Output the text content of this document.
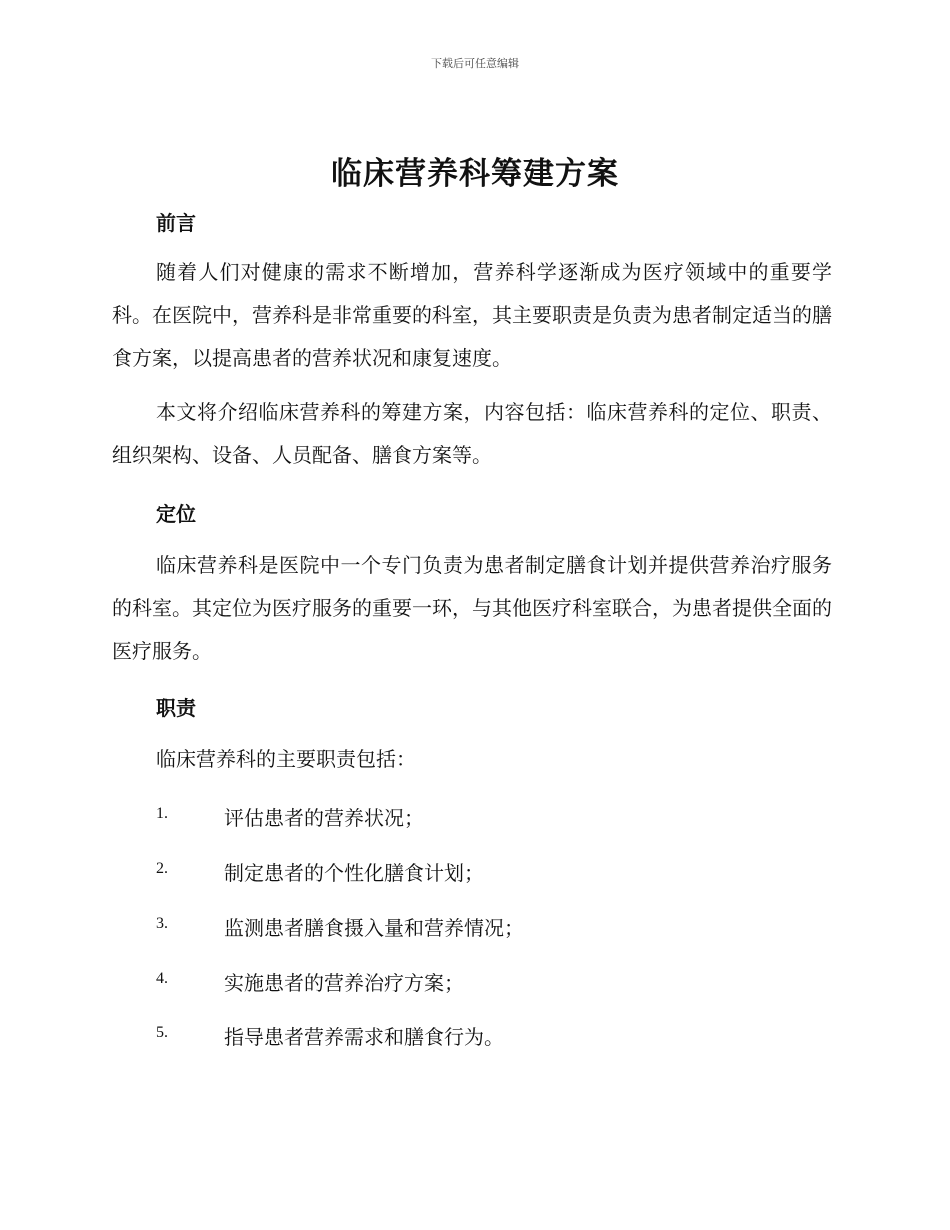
下载后可任意编辑
临床营养科筹建方案
前言

随着人们对健康的需求不断增加，营养科学逐渐成为医疗领域中的重要学科。在医院中，营养科是非常重要的科室，其主要职责是负责为患者制定适当的膳食方案，以提高患者的营养状况和康复速度。

本文将介绍临床营养科的筹建方案，内容包括：临床营养科的定位、职责、组织架构、设备、人员配备、膳食方案等。

定位

临床营养科是医院中一个专门负责为患者制定膳食计划并提供营养治疗服务的科室。其定位为医疗服务的重要一环，与其他医疗科室联合，为患者提供全面的医疗服务。

职责

临床营养科的主要职责包括：

1.	评估患者的营养状况；
2.	制定患者的个性化膳食计划；
3.	监测患者膳食摄入量和营养情况；
4.	实施患者的营养治疗方案；
5.	指导患者营养需求和膳食行为。
